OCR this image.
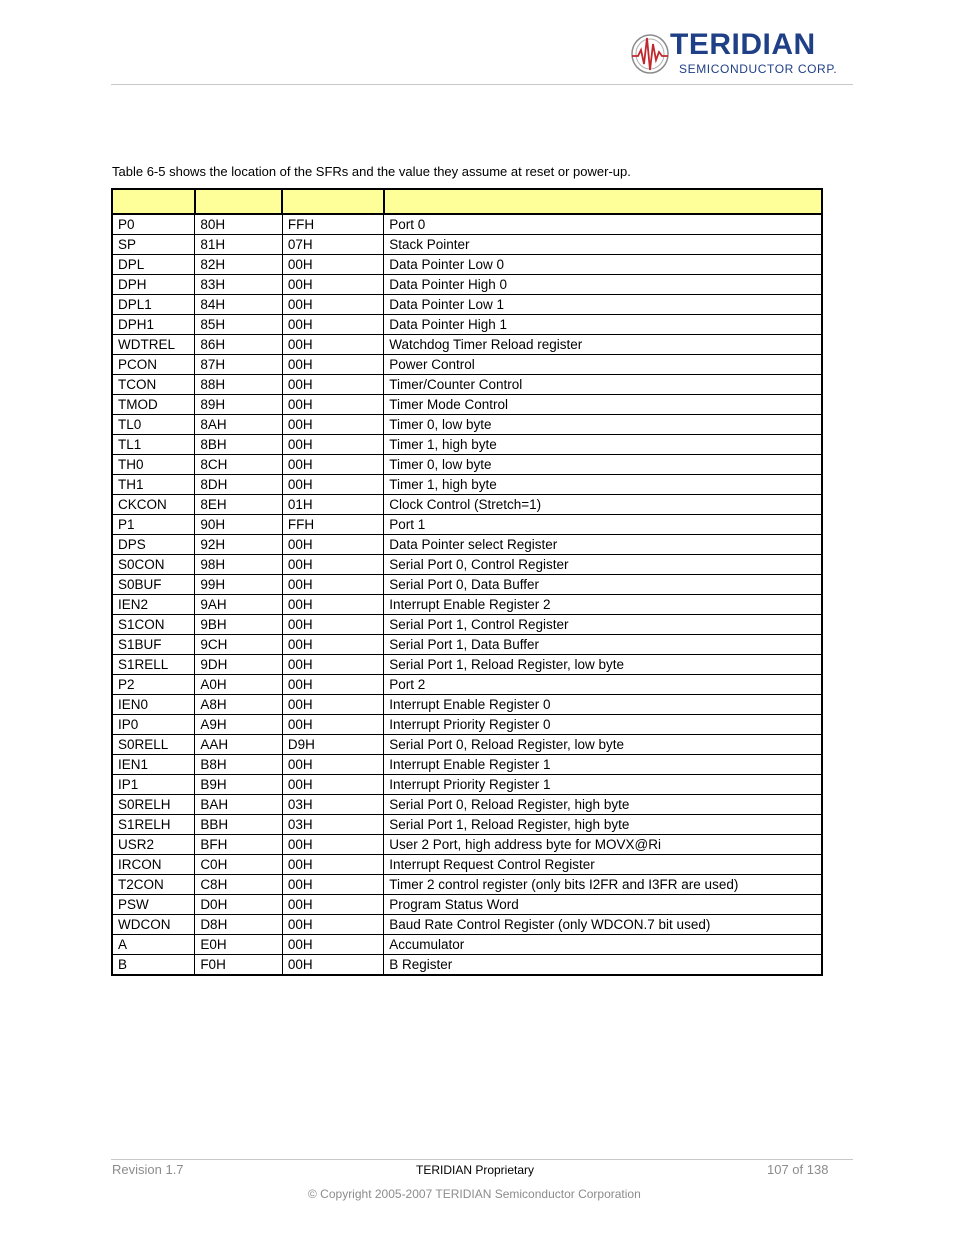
TERIDIAN
SEMICONDUCTOR CORP.
Table 6-5 shows the location of the SFRs and the value they assume at reset or power-up.

P0	80H	FFH	Port 0
SP	81H	07H	Stack Pointer
DPL	82H	00H	Data Pointer Low 0
DPH	83H	00H	Data Pointer High 0
DPL1	84H	00H	Data Pointer Low 1
DPH1	85H	00H	Data Pointer High 1
WDTREL	86H	00H	Watchdog Timer Reload register
PCON	87H	00H	Power Control
TCON	88H	00H	Timer/Counter Control
TMOD	89H	00H	Timer Mode Control
TL0	8AH	00H	Timer 0, low byte
TL1	8BH	00H	Timer 1, high byte
TH0	8CH	00H	Timer 0, low byte
TH1	8DH	00H	Timer 1, high byte
CKCON	8EH	01H	Clock Control (Stretch=1)
P1	90H	FFH	Port 1
DPS	92H	00H	Data Pointer select Register
S0CON	98H	00H	Serial Port 0, Control Register
S0BUF	99H	00H	Serial Port 0, Data Buffer
IEN2	9AH	00H	Interrupt Enable Register 2
S1CON	9BH	00H	Serial Port 1, Control Register
S1BUF	9CH	00H	Serial Port 1, Data Buffer
S1RELL	9DH	00H	Serial Port 1, Reload Register, low byte
P2	A0H	00H	Port 2
IEN0	A8H	00H	Interrupt Enable Register 0
IP0	A9H	00H	Interrupt Priority Register 0
S0RELL	AAH	D9H	Serial Port 0, Reload Register, low byte
IEN1	B8H	00H	Interrupt Enable Register 1
IP1	B9H	00H	Interrupt Priority Register 1
S0RELH	BAH	03H	Serial Port 0, Reload Register, high byte
S1RELH	BBH	03H	Serial Port 1, Reload Register, high byte
USR2	BFH	00H	User 2 Port, high address byte for MOVX@Ri
IRCON	C0H	00H	Interrupt Request Control Register
T2CON	C8H	00H	Timer 2 control register (only bits I2FR and I3FR are used)
PSW	D0H	00H	Program Status Word
WDCON	D8H	00H	Baud Rate Control Register (only WDCON.7 bit used)
A	E0H	00H	Accumulator
B	F0H	00H	B Register
Revision 1.7	TERIDIAN Proprietary	107 of 138
© Copyright 2005-2007 TERIDIAN Semiconductor Corporation
